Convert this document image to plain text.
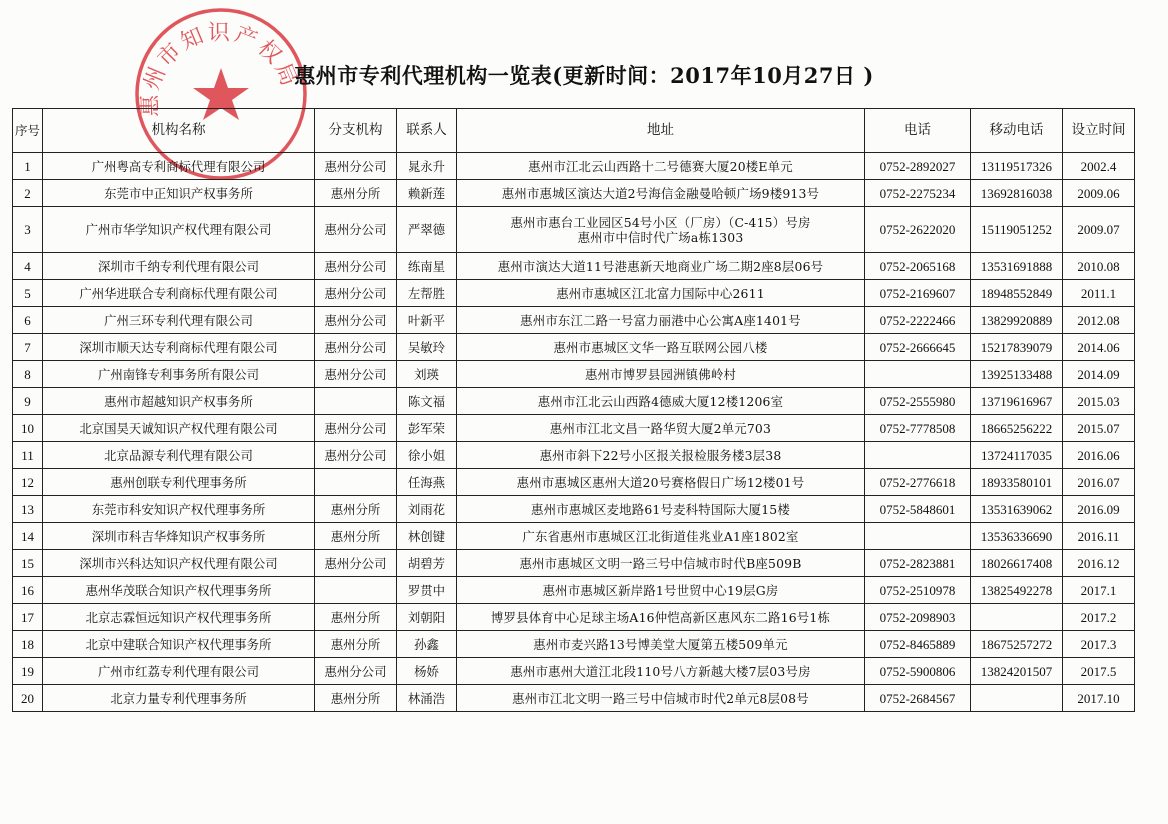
惠州市知识产权局
惠州市专利代理机构一览表(更新时间：2017年10月27日 )
序号	机构名称	分支机构	联系人	地址	电话	移动电话	设立时间
1	广州粤高专利商标代理有限公司	惠州分公司	晁永升	惠州市江北云山西路十二号德赛大厦20楼E单元	0752-2892027	13119517326	2002.4
2	东莞市中正知识产权事务所	惠州分所	赖新莲	惠州市惠城区演达大道2号海信金融曼哈顿广场9楼913号	0752-2275234	13692816038	2009.06
3	广州市华学知识产权代理有限公司	惠州分公司	严翠德	惠州市惠台工业园区54号小区（厂房）（C-415）号房
惠州市中信时代广场a栋1303	0752-2622020	15119051252	2009.07
4	深圳市千纳专利代理有限公司	惠州分公司	练南星	惠州市演达大道11号港惠新天地商业广场二期2座8层06号	0752-2065168	13531691888	2010.08
5	广州华进联合专利商标代理有限公司	惠州分公司	左帮胜	惠州市惠城区江北富力国际中心2611	0752-2169607	18948552849	2011.1
6	广州三环专利代理有限公司	惠州分公司	叶新平	惠州市东江二路一号富力丽港中心公寓A座1401号	0752-2222466	13829920889	2012.08
7	深圳市顺天达专利商标代理有限公司	惠州分公司	吴敏玲	惠州市惠城区文华一路互联网公园八楼	0752-2666645	15217839079	2014.06
8	广州南锋专利事务所有限公司	惠州分公司	刘瑛	惠州市博罗县园洲镇佛岭村		13925133488	2014.09
9	惠州市超越知识产权事务所		陈文福	惠州市江北云山西路4德威大厦12楼1206室	0752-2555980	13719616967	2015.03
10	北京国昊天诚知识产权代理有限公司	惠州分公司	彭军荣	惠州市江北文昌一路华贸大厦2单元703	0752-7778508	18665256222	2015.07
11	北京品源专利代理有限公司	惠州分公司	徐小姐	惠州市斜下22号小区报关报检服务楼3层38		13724117035	2016.06
12	惠州创联专利代理事务所		任海燕	惠州市惠城区惠州大道20号赛格假日广场12楼01号	0752-2776618	18933580101	2016.07
13	东莞市科安知识产权代理事务所	惠州分所	刘雨花	惠州市惠城区麦地路61号麦科特国际大厦15楼	0752-5848601	13531639062	2016.09
14	深圳市科吉华烽知识产权事务所	惠州分所	林创键	广东省惠州市惠城区江北街道佳兆业A1座1802室		13536336690	2016.11
15	深圳市兴科达知识产权代理有限公司	惠州分公司	胡碧芳	惠州市惠城区文明一路三号中信城市时代B座509B	0752-2823881	18026617408	2016.12
16	惠州华茂联合知识产权代理事务所		罗贯中	惠州市惠城区新岸路1号世贸中心19层G房	0752-2510978	13825492278	2017.1
17	北京志霖恒远知识产权代理事务所	惠州分所	刘朝阳	博罗县体育中心足球主场A16仲恺高新区惠风东二路16号1栋	0752-2098903		2017.2
18	北京中建联合知识产权代理事务所	惠州分所	孙鑫	惠州市麦兴路13号博美堂大厦第五楼509单元	0752-8465889	18675257272	2017.3
19	广州市红荔专利代理有限公司	惠州分公司	杨娇	惠州市惠州大道江北段110号八方新越大楼7层03号房	0752-5900806	13824201507	2017.5
20	北京力量专利代理事务所	惠州分所	林涌浩	惠州市江北文明一路三号中信城市时代2单元8层08号	0752-2684567		2017.10
